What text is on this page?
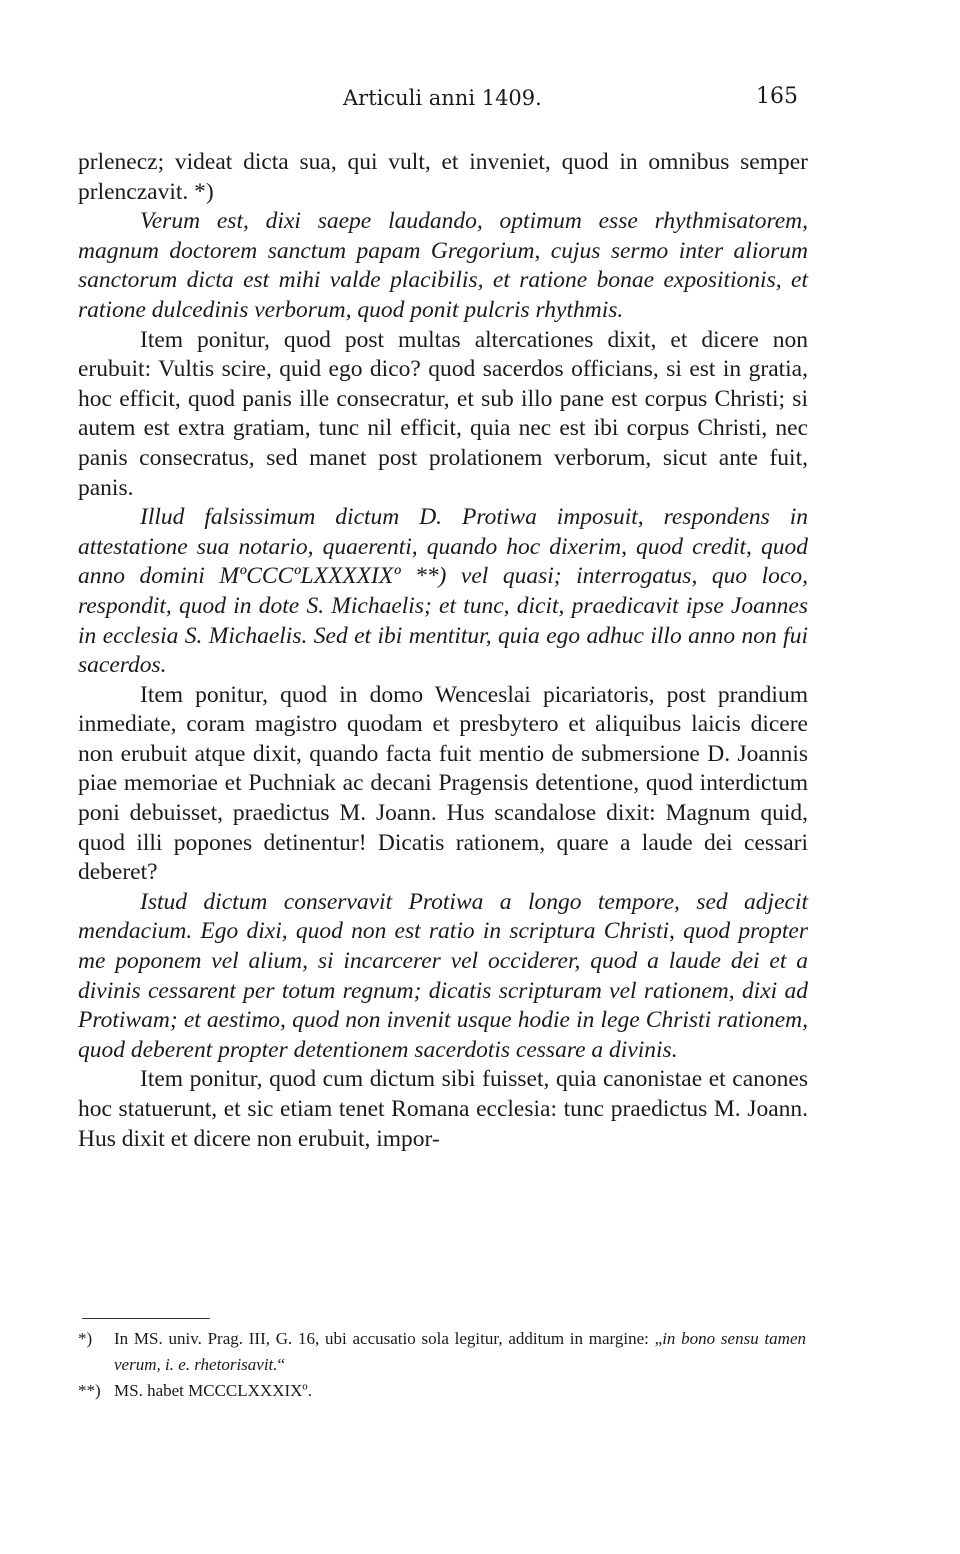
Articuli anni 1409.	165

prlenecz; videat dicta sua, qui vult, et inveniet, quod in omnibus semper prlenczavit. *)

Verum est, dixi saepe laudando, optimum esse rhythmisatorem, magnum doctorem sanctum papam Gregorium, cujus sermo inter aliorum sanctorum dicta est mihi valde placibilis, et ratione bonae expositionis, et ratione dulcedinis verborum, quod ponit pulcris rhythmis.

Item ponitur, quod post multas altercationes dixit, et dicere non erubuit: Vultis scire, quid ego dico? quod sacerdos officians, si est in gratia, hoc efficit, quod panis ille consecratur, et sub illo pane est corpus Christi; si autem est extra gratiam, tunc nil efficit, quia nec est ibi corpus Christi, nec panis consecratus, sed manet post prolationem verborum, sicut ante fuit, panis.

Illud falsissimum dictum D. Protiwa imposuit, respondens in attestatione sua notario, quaerenti, quando hoc dixerim, quod credit, quod anno domini MºCCCºLXXXXIXº **) vel quasi; interrogatus, quo loco, respondit, quod in dote S. Michaelis; et tunc, dicit, praedicavit ipse Joannes in ecclesia S. Michaelis. Sed et ibi mentitur, quia ego adhuc illo anno non fui sacerdos.

Item ponitur, quod in domo Wenceslai picariatoris, post prandium inmediate, coram magistro quodam et presbytero et aliquibus laicis dicere non erubuit atque dixit, quando facta fuit mentio de submersione D. Joannis piae memoriae et Puchniak ac decani Pragensis detentione, quod interdictum poni debuisset, praedictus M. Joann. Hus scandalose dixit: Magnum quid, quod illi popones detinentur! Dicatis rationem, quare a laude dei cessari deberet?

Istud dictum conservavit Protiwa a longo tempore, sed adjecit mendacium. Ego dixi, quod non est ratio in scriptura Christi, quod propter me poponem vel alium, si incarcerer vel occiderer, quod a laude dei et a divinis cessarent per totum regnum; dicatis scripturam vel rationem, dixi ad Protiwam; et aestimo, quod non invenit usque hodie in lege Christi rationem, quod deberent propter detentionem sacerdotis cessare a divinis.

Item ponitur, quod cum dictum sibi fuisset, quia canonistae et canones hoc statuerunt, et sic etiam tenet Romana ecclesia: tunc praedictus M. Joann. Hus dixit et dicere non erubuit, impor-

*) In MS. univ. Prag. III, G. 16, ubi accusatio sola legitur, additum in margine: „in bono sensu tamen verum, i. e. rhetorisavit.“

**) MS. habet MCCCLXXXIXº.
